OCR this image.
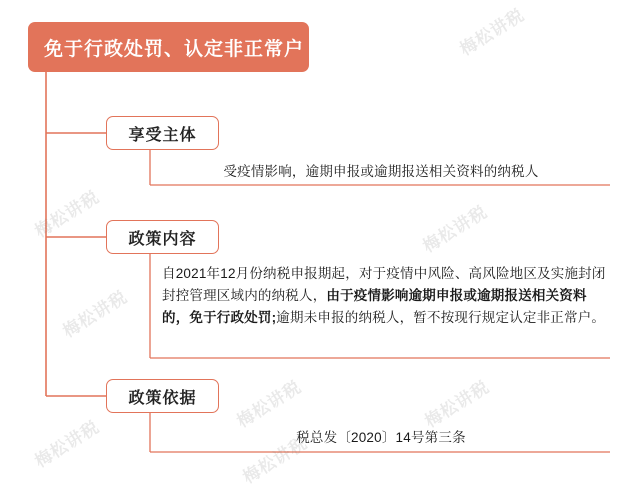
免于行政处罚、认定非正常户
享受主体
受疫情影响，逾期申报或逾期报送相关资料的纳税人
政策内容
自2021年12月份纳税申报期起，对于疫情中风险、高风险地区及实施封闭封控管理区域内的纳税人，由于疫情影响逾期申报或逾期报送相关资料的，免于行政处罚;逾期未申报的纳税人，暂不按现行规定认定非正常户。
政策依据
税总发〔2020〕14号第三条
梅松讲税
梅松讲税	梅松讲税
梅松讲税
梅松讲税	梅松讲税
梅松讲税	梅松讲税
